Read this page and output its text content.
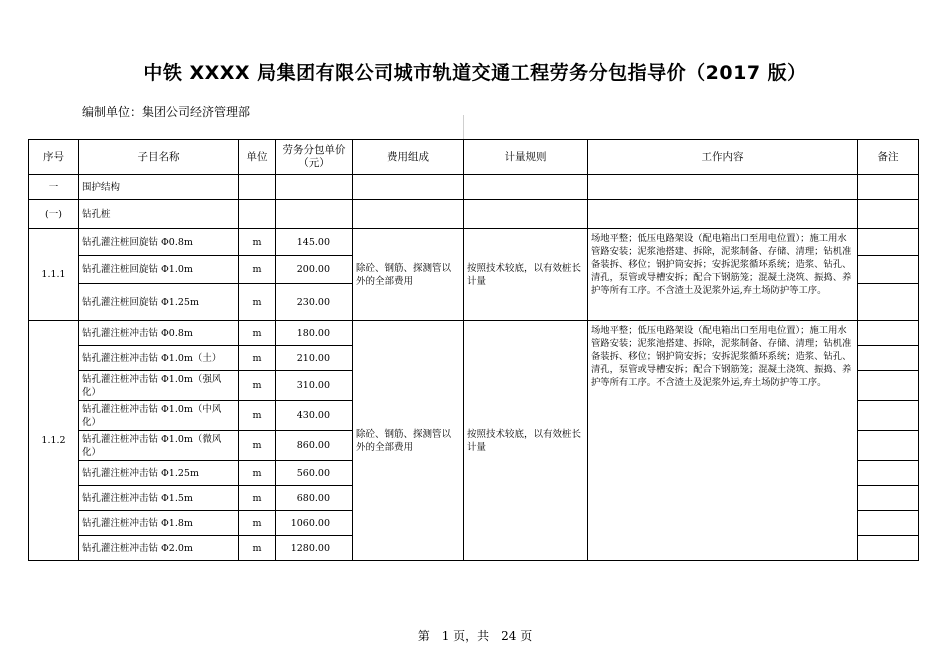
中铁 XXXX 局集团有限公司城市轨道交通工程劳务分包指导价（2017 版）
编制单位：集团公司经济管理部
序号	子目名称	单位	劳务分包单价（元）	费用组成	计量规则	工作内容	备注
一	围护结构						
(一)	钻孔桩						
1.1.1	钻孔灌注桩回旋钻 Φ0.8m	m	145.00	除砼、钢筋、探测管以外的全部费用	按照技术较底，以有效桩长计量	场地平整；低压电路架设（配电箱出口至用电位置）；施工用水管路安装；泥浆池搭建、拆除，泥浆制备、存储、清理；钻机准备装拆、移位；钢护筒安拆；安拆泥浆循环系统；造浆、钻孔、清孔，泵管或导槽安拆；配合下钢筋笼；混凝土浇筑、振捣、养护等所有工序。不含渣土及泥浆外运,弃土场防护等工序。	
	钻孔灌注桩回旋钻 Φ1.0m	m	200.00				
	钻孔灌注桩回旋钻 Φ1.25m	m	230.00				
1.1.2	钻孔灌注桩冲击钻 Φ0.8m	m	180.00	除砼、钢筋、探测管以外的全部费用	按照技术较底，以有效桩长计量	场地平整；低压电路架设（配电箱出口至用电位置）；施工用水管路安装；泥浆池搭建、拆除，泥浆制备、存储、清理；钻机准备装拆、移位；钢护筒安拆；安拆泥浆循环系统；造浆、钻孔、清孔，泵管或导槽安拆；配合下钢筋笼；混凝土浇筑、振捣、养护等所有工序。不含渣土及泥浆外运,弃土场防护等工序。	
	钻孔灌注桩冲击钻 Φ1.0m（土）	m	210.00				
	钻孔灌注桩冲击钻 Φ1.0m（强风化）	m	310.00				
	钻孔灌注桩冲击钻 Φ1.0m（中风化）	m	430.00				
	钻孔灌注桩冲击钻 Φ1.0m（微风化）	m	860.00				
	钻孔灌注桩冲击钻 Φ1.25m	m	560.00				
	钻孔灌注桩冲击钻 Φ1.5m	m	680.00				
	钻孔灌注桩冲击钻 Φ1.8m	m	1060.00				
	钻孔灌注桩冲击钻 Φ2.0m	m	1280.00				
第　1 页，共　24 页
